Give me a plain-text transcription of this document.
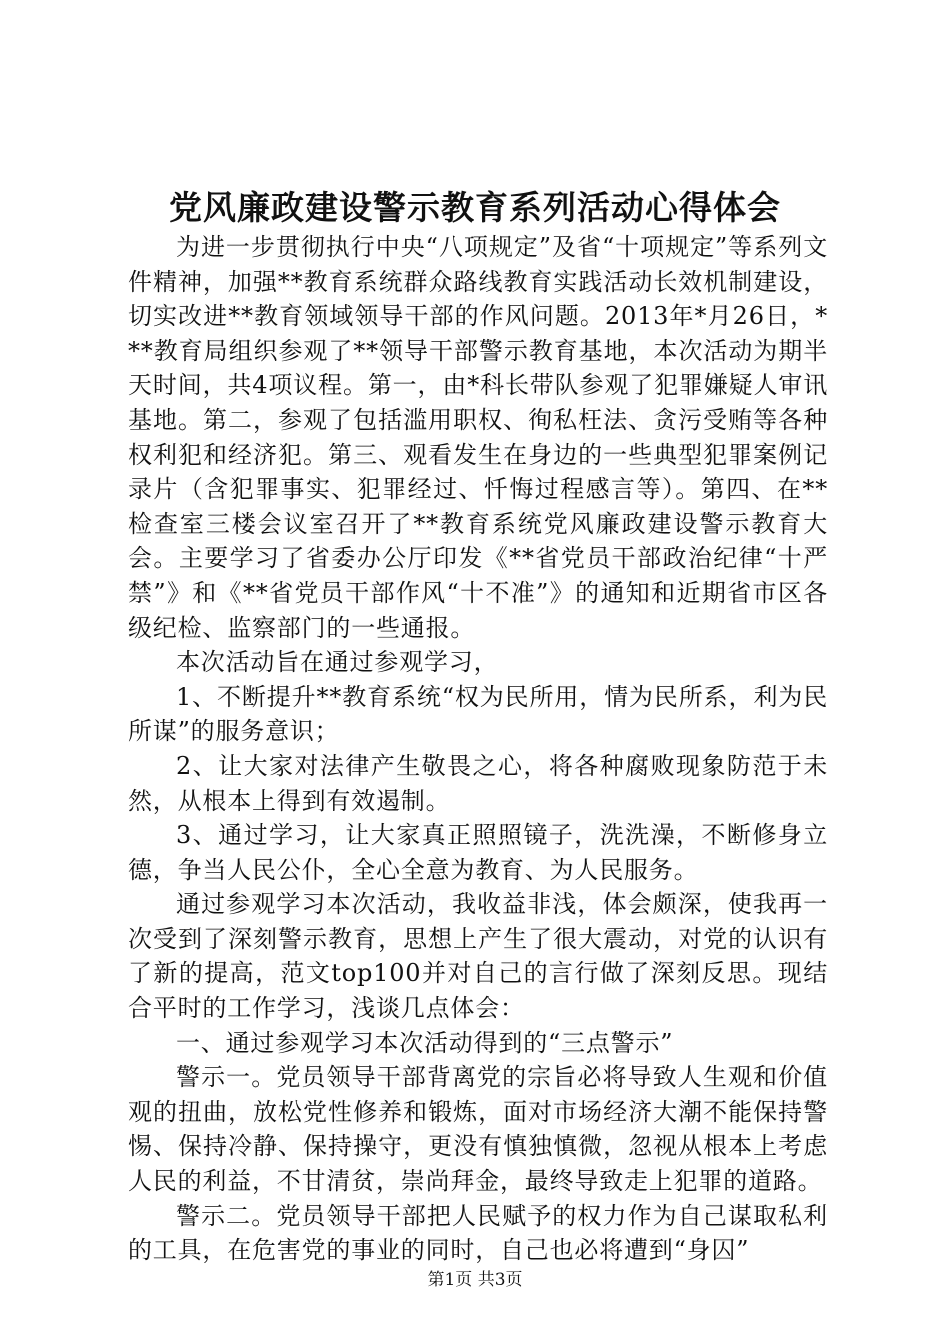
党风廉政建设警示教育系列活动心得体会

为进一步贯彻执行中央“八项规定”及省“十项规定”等系列文件精神，加强**教育系统群众路线教育实践活动长效机制建设，切实改进**教育领域领导干部的作风问题。2013年*月26日，***教育局组织参观了**领导干部警示教育基地，本次活动为期半天时间，共4项议程。第一，由*科长带队参观了犯罪嫌疑人审讯基地。第二，参观了包括滥用职权、徇私枉法、贪污受贿等各种权利犯和经济犯。第三、观看发生在身边的一些典型犯罪案例记录片（含犯罪事实、犯罪经过、忏悔过程感言等）。第四、在**检查室三楼会议室召开了**教育系统党风廉政建设警示教育大会。主要学习了省委办公厅印发《**省党员干部政治纪律“十严禁”》和《**省党员干部作风“十不准”》的通知和近期省市区各级纪检、监察部门的一些通报。

本次活动旨在通过参观学习，

1、不断提升**教育系统“权为民所用，情为民所系，利为民所谋”的服务意识；

2、让大家对法律产生敬畏之心，将各种腐败现象防范于未然，从根本上得到有效遏制。

3、通过学习，让大家真正照照镜子，洗洗澡，不断修身立德，争当人民公仆，全心全意为教育、为人民服务。

通过参观学习本次活动，我收益非浅，体会颇深，使我再一次受到了深刻警示教育，思想上产生了很大震动，对党的认识有了新的提高，范文top100并对自己的言行做了深刻反思。现结合平时的工作学习，浅谈几点体会：

一、通过参观学习本次活动得到的“三点警示”

警示一。党员领导干部背离党的宗旨必将导致人生观和价值观的扭曲，放松党性修养和锻炼，面对市场经济大潮不能保持警惕、保持冷静、保持操守，更没有慎独慎微，忽视从根本上考虑人民的利益，不甘清贫，崇尚拜金，最终导致走上犯罪的道路。

警示二。党员领导干部把人民赋予的权力作为自己谋取私利的工具，在危害党的事业的同时，自己也必将遭到“身囚”

第1页 共3页
